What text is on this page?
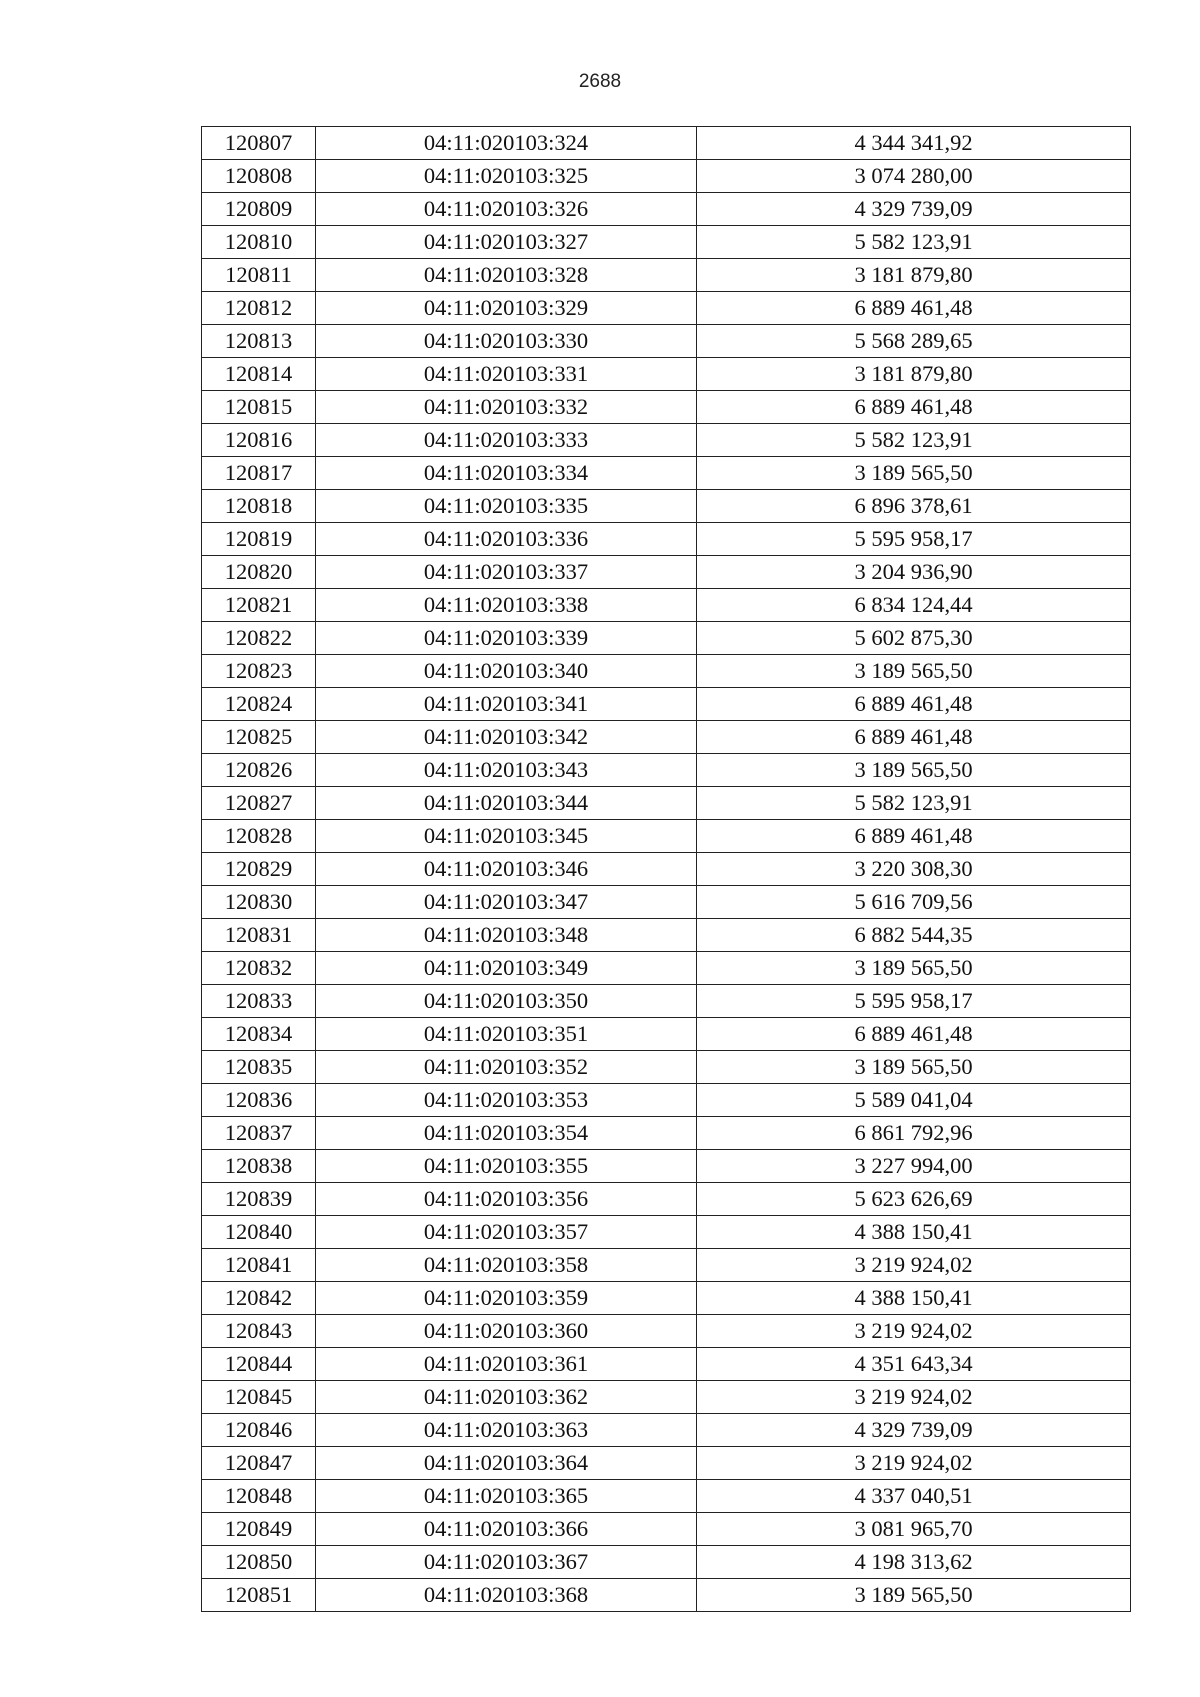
2688
120807	04:11:020103:324	4 344 341,92
120808	04:11:020103:325	3 074 280,00
120809	04:11:020103:326	4 329 739,09
120810	04:11:020103:327	5 582 123,91
120811	04:11:020103:328	3 181 879,80
120812	04:11:020103:329	6 889 461,48
120813	04:11:020103:330	5 568 289,65
120814	04:11:020103:331	3 181 879,80
120815	04:11:020103:332	6 889 461,48
120816	04:11:020103:333	5 582 123,91
120817	04:11:020103:334	3 189 565,50
120818	04:11:020103:335	6 896 378,61
120819	04:11:020103:336	5 595 958,17
120820	04:11:020103:337	3 204 936,90
120821	04:11:020103:338	6 834 124,44
120822	04:11:020103:339	5 602 875,30
120823	04:11:020103:340	3 189 565,50
120824	04:11:020103:341	6 889 461,48
120825	04:11:020103:342	6 889 461,48
120826	04:11:020103:343	3 189 565,50
120827	04:11:020103:344	5 582 123,91
120828	04:11:020103:345	6 889 461,48
120829	04:11:020103:346	3 220 308,30
120830	04:11:020103:347	5 616 709,56
120831	04:11:020103:348	6 882 544,35
120832	04:11:020103:349	3 189 565,50
120833	04:11:020103:350	5 595 958,17
120834	04:11:020103:351	6 889 461,48
120835	04:11:020103:352	3 189 565,50
120836	04:11:020103:353	5 589 041,04
120837	04:11:020103:354	6 861 792,96
120838	04:11:020103:355	3 227 994,00
120839	04:11:020103:356	5 623 626,69
120840	04:11:020103:357	4 388 150,41
120841	04:11:020103:358	3 219 924,02
120842	04:11:020103:359	4 388 150,41
120843	04:11:020103:360	3 219 924,02
120844	04:11:020103:361	4 351 643,34
120845	04:11:020103:362	3 219 924,02
120846	04:11:020103:363	4 329 739,09
120847	04:11:020103:364	3 219 924,02
120848	04:11:020103:365	4 337 040,51
120849	04:11:020103:366	3 081 965,70
120850	04:11:020103:367	4 198 313,62
120851	04:11:020103:368	3 189 565,50
